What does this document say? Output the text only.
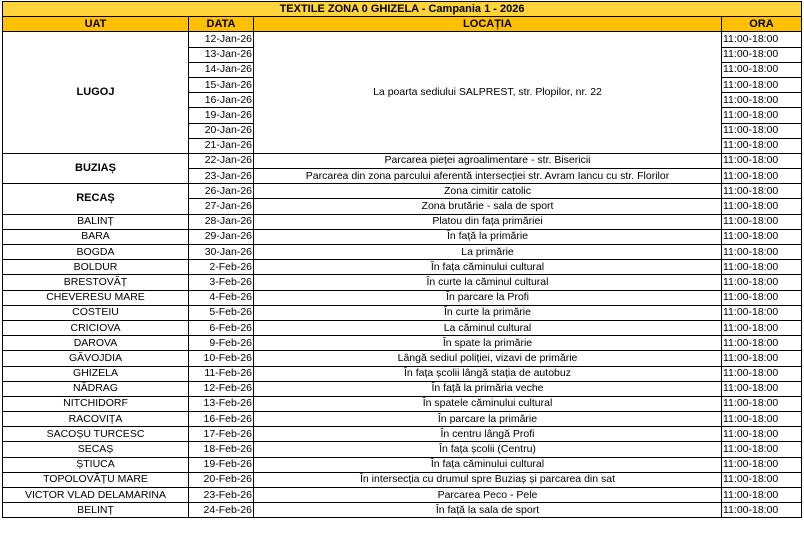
TEXTILE ZONA 0 GHIZELA - Campania 1 - 2026			
UAT	DATA	LOCAȚIA	ORA
LUGOJ	12-Jan-26	La poarta sediului SALPREST, str. Plopilor, nr. 22	11:00-18:00
	13-Jan-26		11:00-18:00
	14-Jan-26		11:00-18:00
	15-Jan-26		11:00-18:00
	16-Jan-26		11:00-18:00
	19-Jan-26		11:00-18:00
	20-Jan-26		11:00-18:00
	21-Jan-26		11:00-18:00
BUZIAȘ	22-Jan-26	Parcarea pieței agroalimentare - str. Bisericii	11:00-18:00
	23-Jan-26	Parcarea din zona parcului aferentă intersecției str. Avram Iancu cu str. Florilor	11:00-18:00
RECAȘ	26-Jan-26	Zona cimitir catolic	11:00-18:00
	27-Jan-26	Zona brutărie - sala de sport	11:00-18:00
BALINȚ	28-Jan-26	Platou din fața primăriei	11:00-18:00
BARA	29-Jan-26	În față la primărie	11:00-18:00
BOGDA	30-Jan-26	La primărie	11:00-18:00
BOLDUR	2-Feb-26	În fața căminului cultural	11:00-18:00
BRESTOVĂȚ	3-Feb-26	În curte la căminul cultural	11:00-18:00
CHEVERESU MARE	4-Feb-26	În parcare la Profi	11:00-18:00
COSTEIU	5-Feb-26	În curte la primărie	11:00-18:00
CRICIOVA	6-Feb-26	La căminul cultural	11:00-18:00
DAROVA	9-Feb-26	În spate la primărie	11:00-18:00
GĂVOJDIA	10-Feb-26	Lângă sediul poliției, vizavi de primărie	11:00-18:00
GHIZELA	11-Feb-26	În fața școlii lângă stația de autobuz	11:00-18:00
NĂDRAG	12-Feb-26	În față la primăria veche	11:00-18:00
NITCHIDORF	13-Feb-26	În spatele căminului cultural	11:00-18:00
RACOVIȚA	16-Feb-26	În parcare la primărie	11:00-18:00
SACOȘU TURCESC	17-Feb-26	În centru lângă Profi	11:00-18:00
SECAȘ	18-Feb-26	În fața școlii (Centru)	11:00-18:00
ȘTIUCA	19-Feb-26	În fața căminului cultural	11:00-18:00
TOPOLOVĂȚU MARE	20-Feb-26	În intersecția cu drumul spre Buziaș și parcarea din sat	11:00-18:00
VICTOR VLAD DELAMARINA	23-Feb-26	Parcarea Peco - Pele	11:00-18:00
BELINȚ	24-Feb-26	În față la sala de sport	11:00-18:00
